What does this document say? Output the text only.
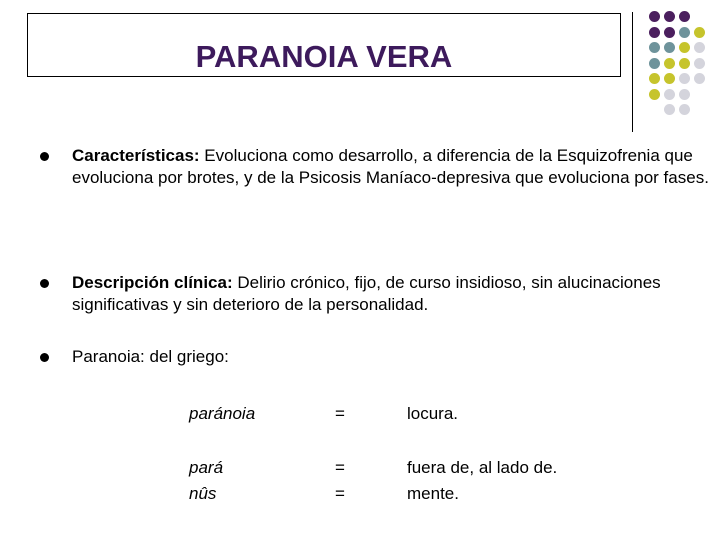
PARANOIA VERA
Características: Evoluciona como desarrollo, a diferencia de la Esquizofrenia que evoluciona por brotes, y de la Psicosis Maníaco-depresiva que evoluciona por fases.
Descripción clínica: Delirio crónico, fijo, de curso insidioso, sin alucinaciones significativas y sin deterioro de la personalidad.
Paranoia: del griego:
paránoia	=	locura.
pará	=	fuera de, al lado de.
nûs	=	mente.
